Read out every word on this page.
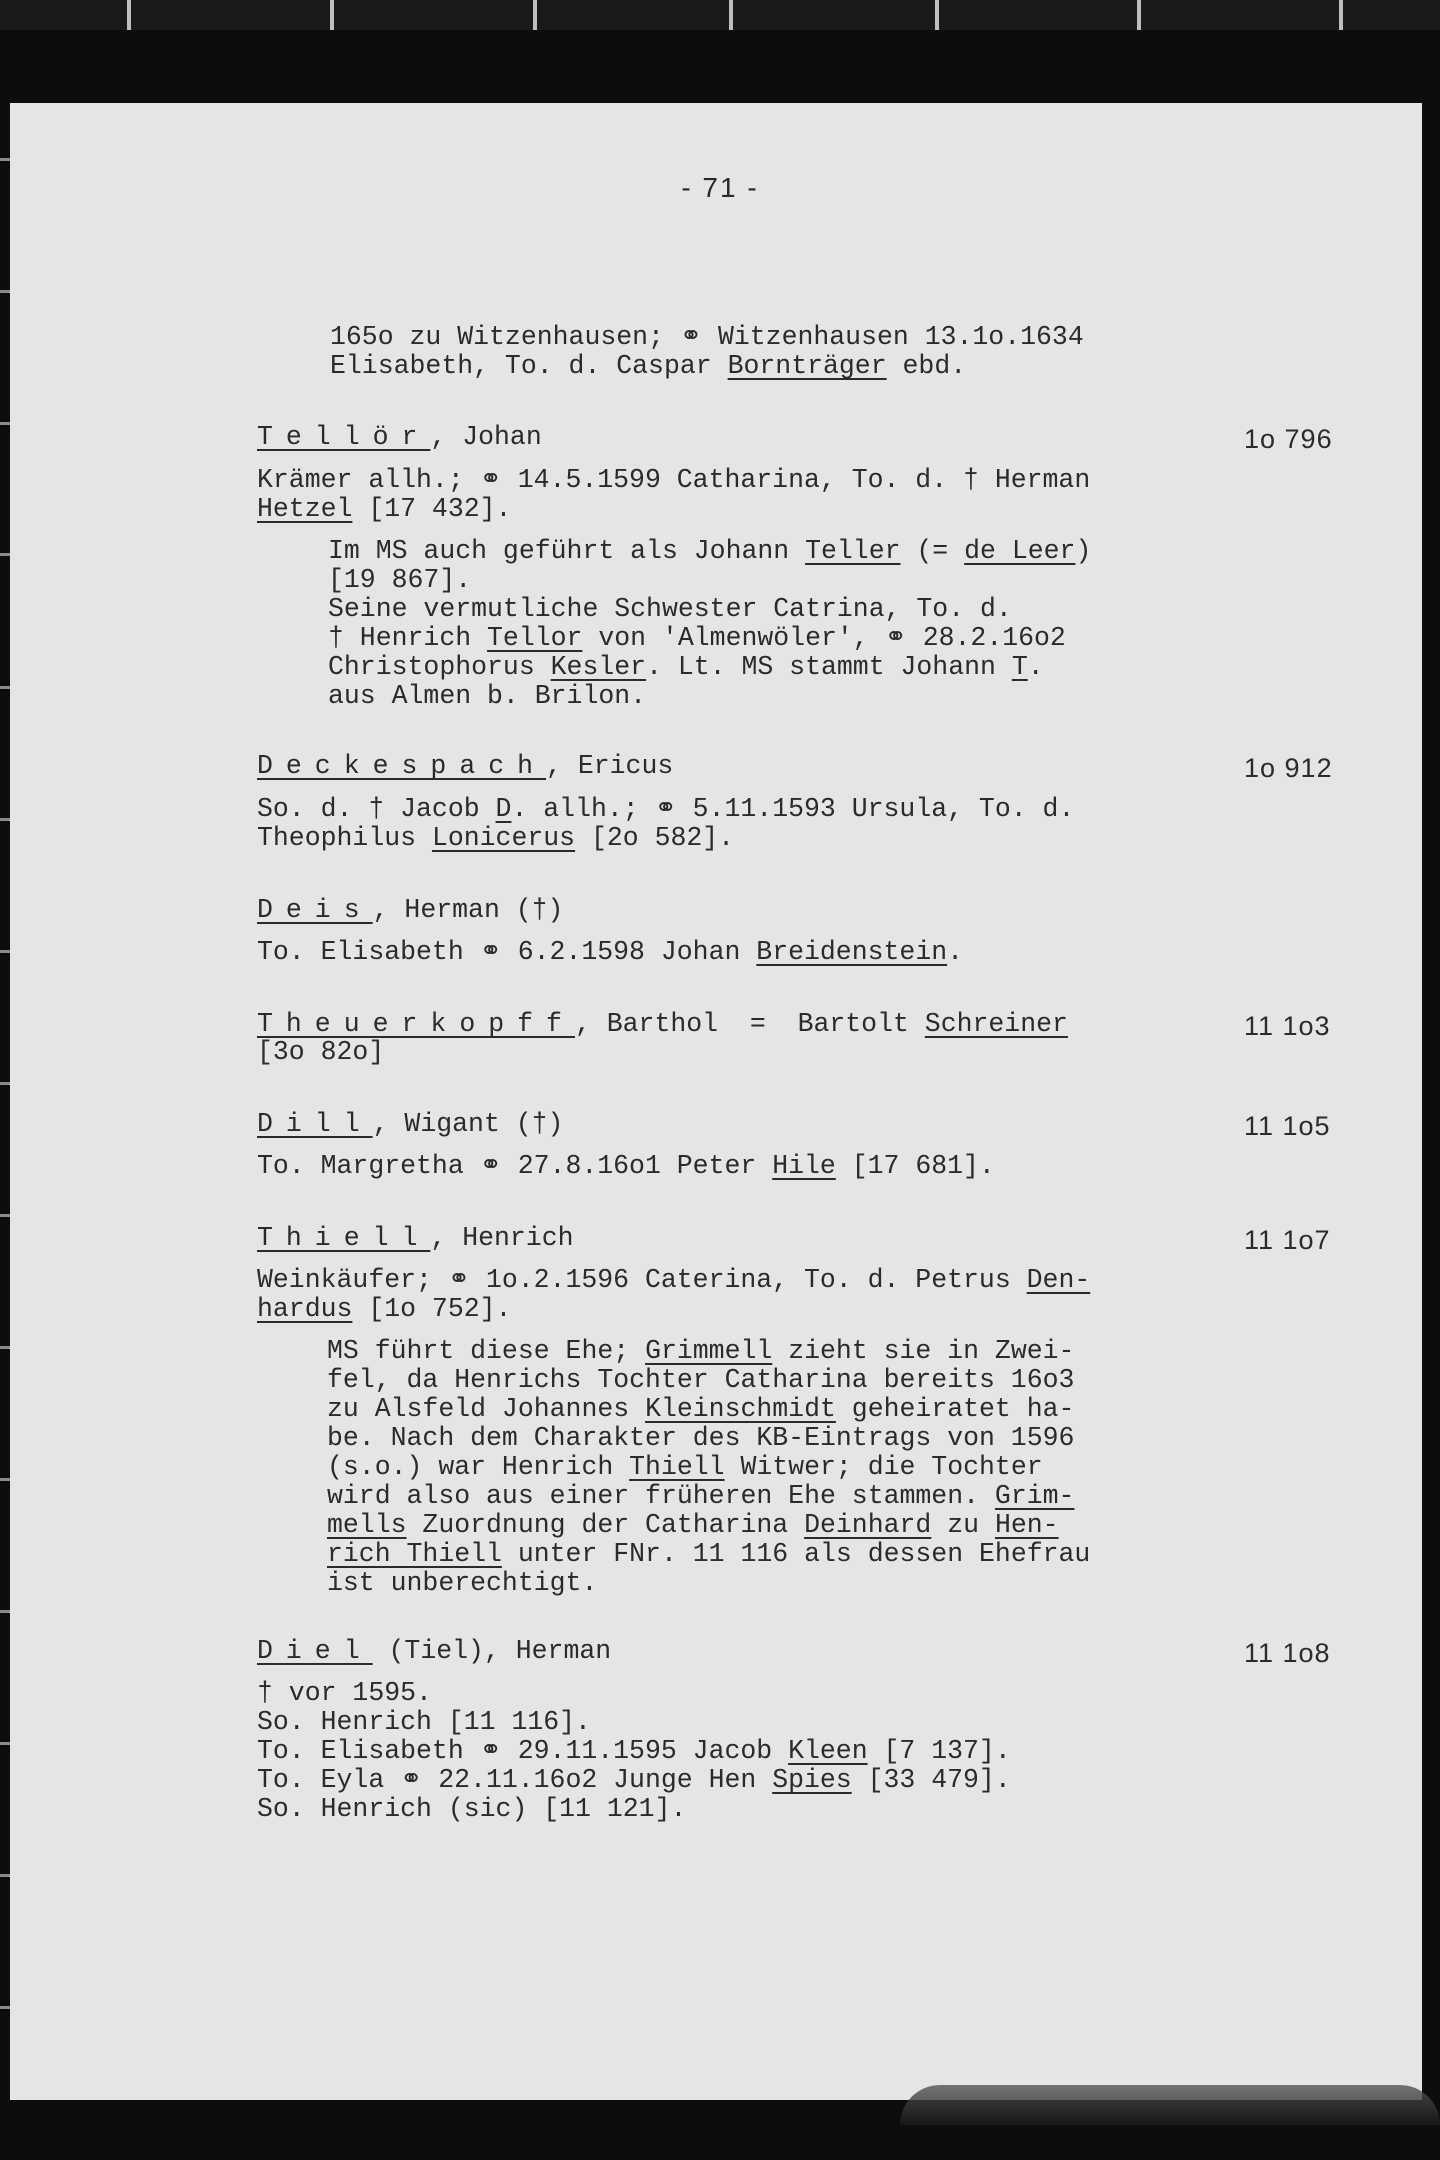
- 71 -
165o zu Witzenhausen; ⚭ Witzenhausen 13.1o.1634
Elisabeth, To. d. Caspar Bornträger ebd.
Tellör, Johan	1o 796
Krämer allh.; ⚭ 14.5.1599 Catharina, To. d. † Herman
Hetzel [17 432].
Im MS auch geführt als Johann Teller (= de Leer)
[19 867].
Seine vermutliche Schwester Catrina, To. d.
† Henrich Tellor von 'Almenwöler', ⚭ 28.2.16o2
Christophorus Kesler. Lt. MS stammt Johann T.
aus Almen b. Brilon.
Deckespach, Ericus	1o 912
So. d. † Jacob D. allh.; ⚭ 5.11.1593 Ursula, To. d.
Theophilus Lonicerus [2o 582].
Deis, Herman (†)
To. Elisabeth ⚭ 6.2.1598 Johan Breidenstein.
Theuerkopff, Barthol  =  Bartolt Schreiner	11 1o3
[3o 82o]
Dill, Wigant (†)	11 1o5
To. Margretha ⚭ 27.8.16o1 Peter Hile [17 681].
Thiell, Henrich	11 1o7
Weinkäufer; ⚭ 1o.2.1596 Caterina, To. d. Petrus Den-
hardus [1o 752].
MS führt diese Ehe; Grimmell zieht sie in Zwei-
fel, da Henrichs Tochter Catharina bereits 16o3
zu Alsfeld Johannes Kleinschmidt geheiratet ha-
be. Nach dem Charakter des KB-Eintrags von 1596
(s.o.) war Henrich Thiell Witwer; die Tochter
wird also aus einer früheren Ehe stammen. Grim-
mells Zuordnung der Catharina Deinhard zu Hen-
rich Thiell unter FNr. 11 116 als dessen Ehefrau
ist unberechtigt.
Diel (Tiel), Herman	11 1o8
† vor 1595.
So. Henrich [11 116].
To. Elisabeth ⚭ 29.11.1595 Jacob Kleen [7 137].
To. Eyla ⚭ 22.11.16o2 Junge Hen Spies [33 479].
So. Henrich (sic) [11 121].
